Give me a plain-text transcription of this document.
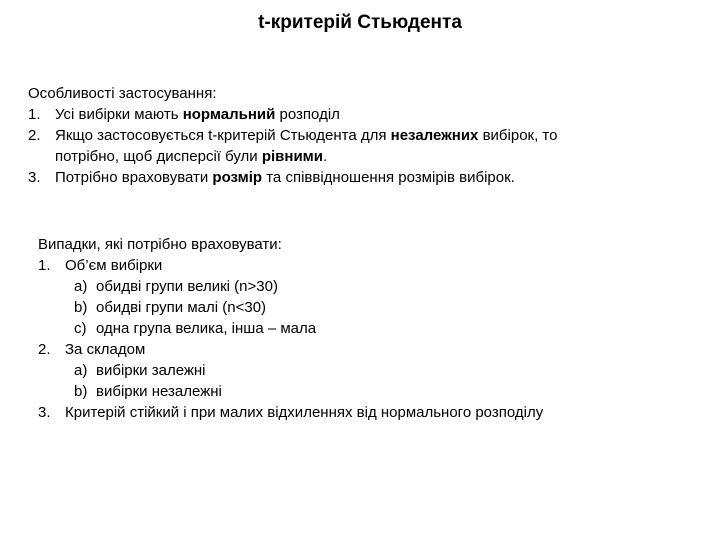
t-критерій Стьюдента
Особливості застосування:
1. Усі вибірки мають нормальний розподіл
2. Якщо застосовується t-критерій Стьюдента для незалежних вибірок, то
потрібно, щоб дисперсії були рівними.
3. Потрібно враховувати розмір та співвідношення розмірів вибірок.
Випадки, які потрібно враховувати:
1. Об’єм вибірки
a) обидві групи великі (n>30)
b) обидві групи малі (n<30)
c) одна група велика, інша – мала
2. За складом
a) вибірки залежні
b) вибірки незалежні
3. Критерій стійкий і при малих відхиленнях від нормального розподілу
